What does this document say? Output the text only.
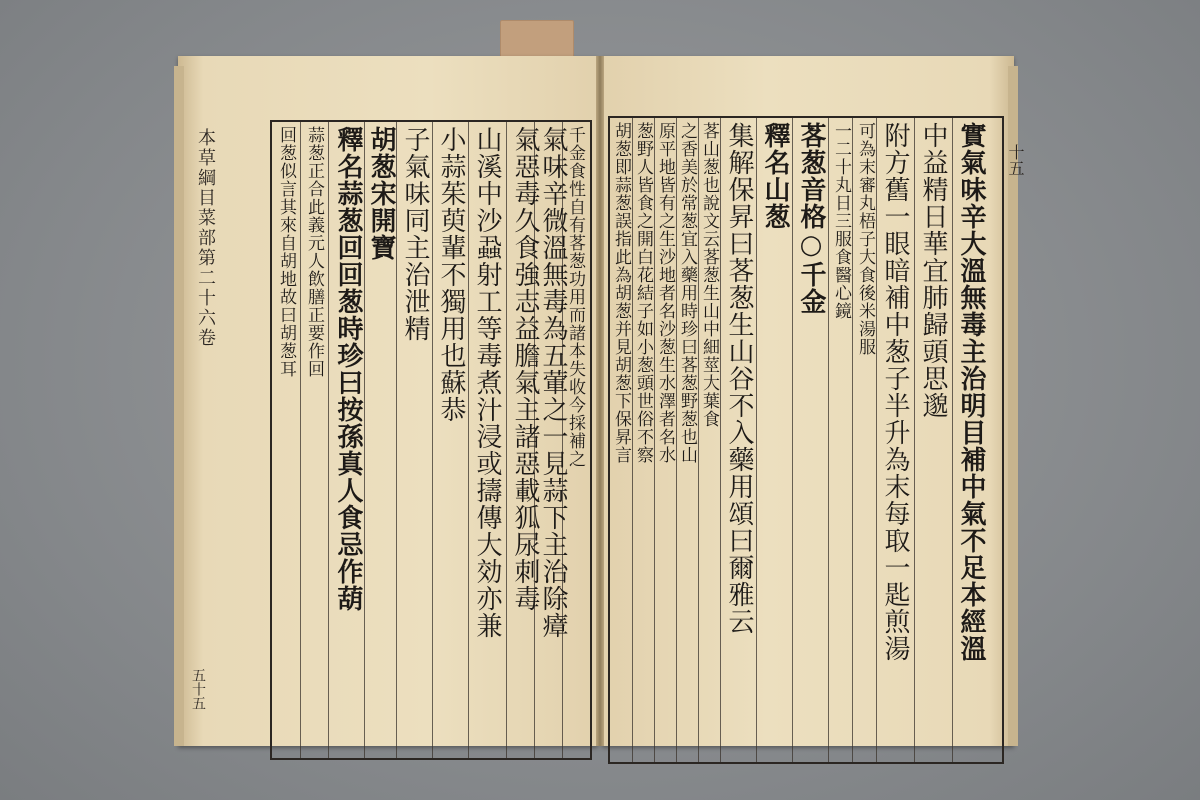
本草綱目菜部第二十六卷
五十五
回葱似言其來自胡地故曰胡葱耳 蒜葱正合此義元人飲膳正要作回 釋名蒜葱回回葱時珍曰按孫真人食忌作葫 胡葱宋開寶 子氣味同主治泄精 小蒜茱萸輩不獨用也蘇恭 山溪中沙蝨射工等毒煮汁浸或擣傳大効亦兼 氣惡毒久食強志益膽氣主諸惡載狐尿刺毒
氣味辛微溫無毒為五葷之一見蒜下主治除瘴
千金食性自有茖葱功用而諸本失收今採補之 胡葱即蒜葱誤指此為胡葱并見胡葱下保昇言 葱野人皆食之開白花結子如小葱頭世俗不察 原平地皆有之生沙地者名沙葱生水澤者名水 之香美於常葱宜入藥用時珍曰茖葱野葱也山 茖山葱也說文云茖葱生山中細莖大葉食 集解保昇曰茖葱生山谷不入藥用頌曰爾雅云 釋名山葱 茖葱音格○千金 一二十丸日三服食醫心鏡 可為末審丸梧子大食後米湯服 附方舊一眼暗補中葱子半升為末每取一匙煎湯 中益精日華宜肺歸頭思邈 實氣味辛大溫無毒主治明目補中氣不足本經溫 十五
